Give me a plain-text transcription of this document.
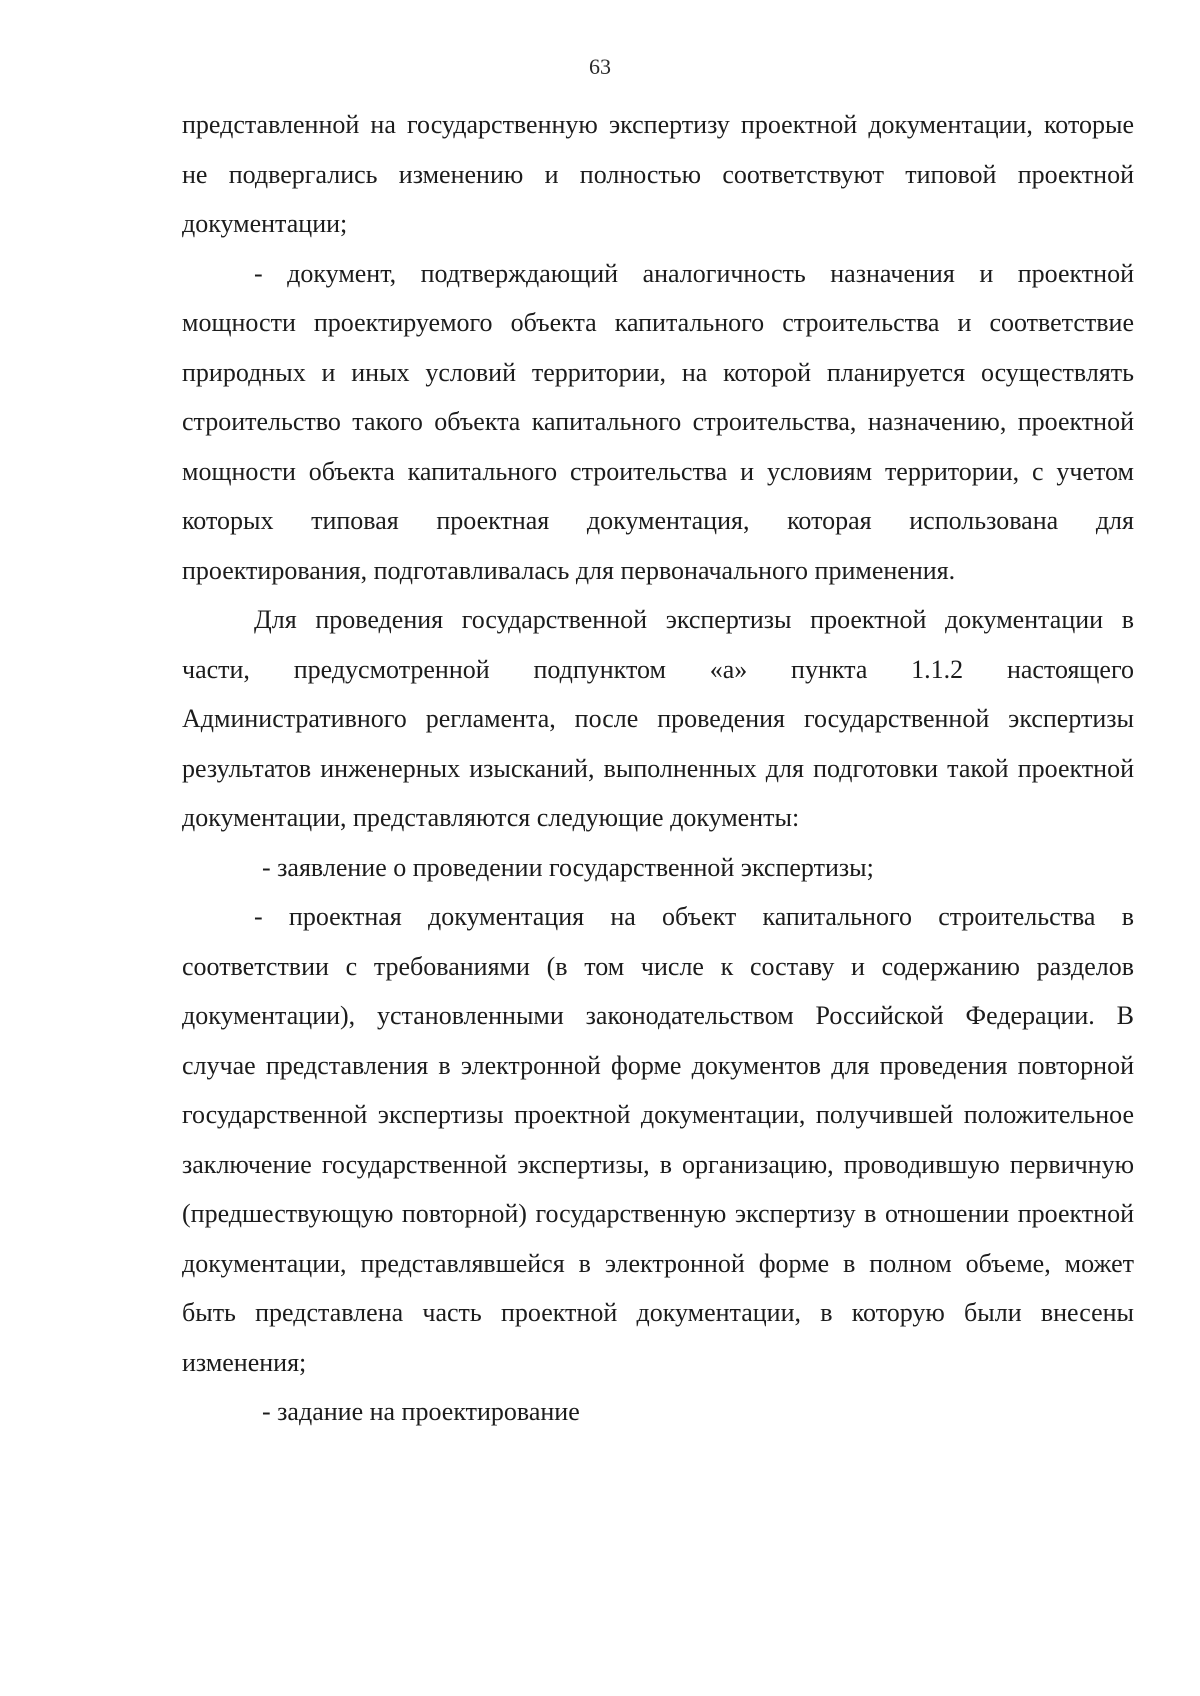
63

представленной на государственную экспертизу проектной документации, которые не подвергались изменению и полностью соответствуют типовой проектной документации;

- документ, подтверждающий аналогичность назначения и проектной мощности проектируемого объекта капитального строительства и соответствие природных и иных условий территории, на которой планируется осуществлять строительство такого объекта капитального строительства, назначению, проектной мощности объекта капитального строительства и условиям территории, с учетом которых типовая проектная документация, которая использована для проектирования, подготавливалась для первоначального применения.

Для проведения государственной экспертизы проектной документации в части, предусмотренной подпунктом «а» пункта 1.1.2 настоящего Административного регламента, после проведения государственной экспертизы результатов инженерных изысканий, выполненных для подготовки такой проектной документации, представляются следующие документы:

- заявление о проведении государственной экспертизы;

- проектная документация на объект капитального строительства в соответствии с требованиями (в том числе к составу и содержанию разделов документации), установленными законодательством Российской Федерации. В случае представления в электронной форме документов для проведения повторной государственной экспертизы проектной документации, получившей положительное заключение государственной экспертизы, в организацию, проводившую первичную (предшествующую повторной) государственную экспертизу в отношении проектной документации, представлявшейся в электронной форме в полном объеме, может быть представлена часть проектной документации, в которую были внесены изменения;

- задание на проектирование
